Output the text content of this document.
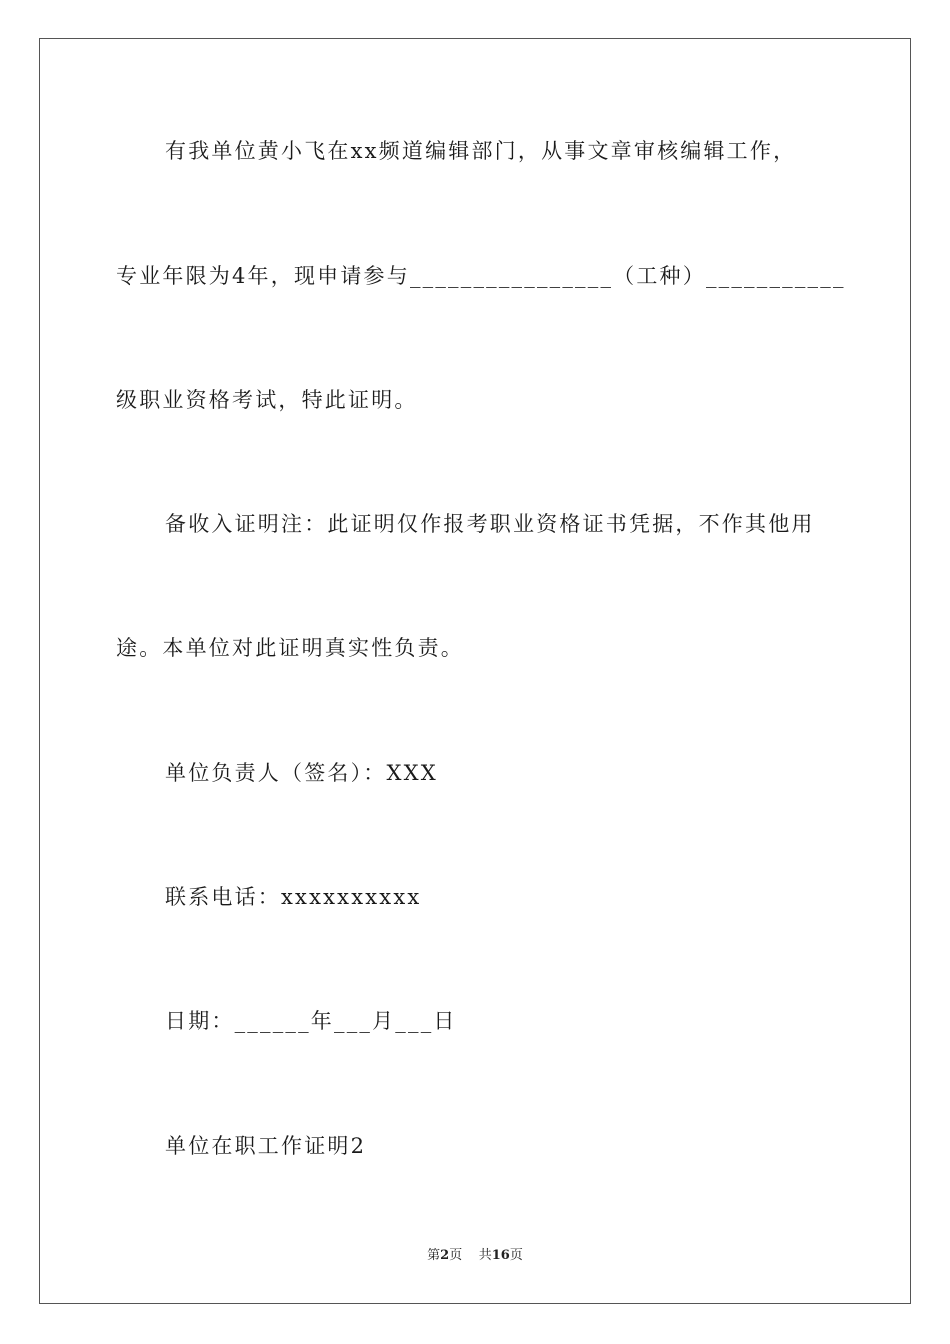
有我单位黄小飞在xx频道编辑部门，从事文章审核编辑工作，
专业年限为4年，现申请参与________________（工种）___________
级职业资格考试，特此证明。
备收入证明注：此证明仅作报考职业资格证书凭据，不作其他用
途。本单位对此证明真实性负责。
单位负责人（签名）：XXX
联系电话：xxxxxxxxxx
日期：______年___月___日
单位在职工作证明2
第2页 共16页
